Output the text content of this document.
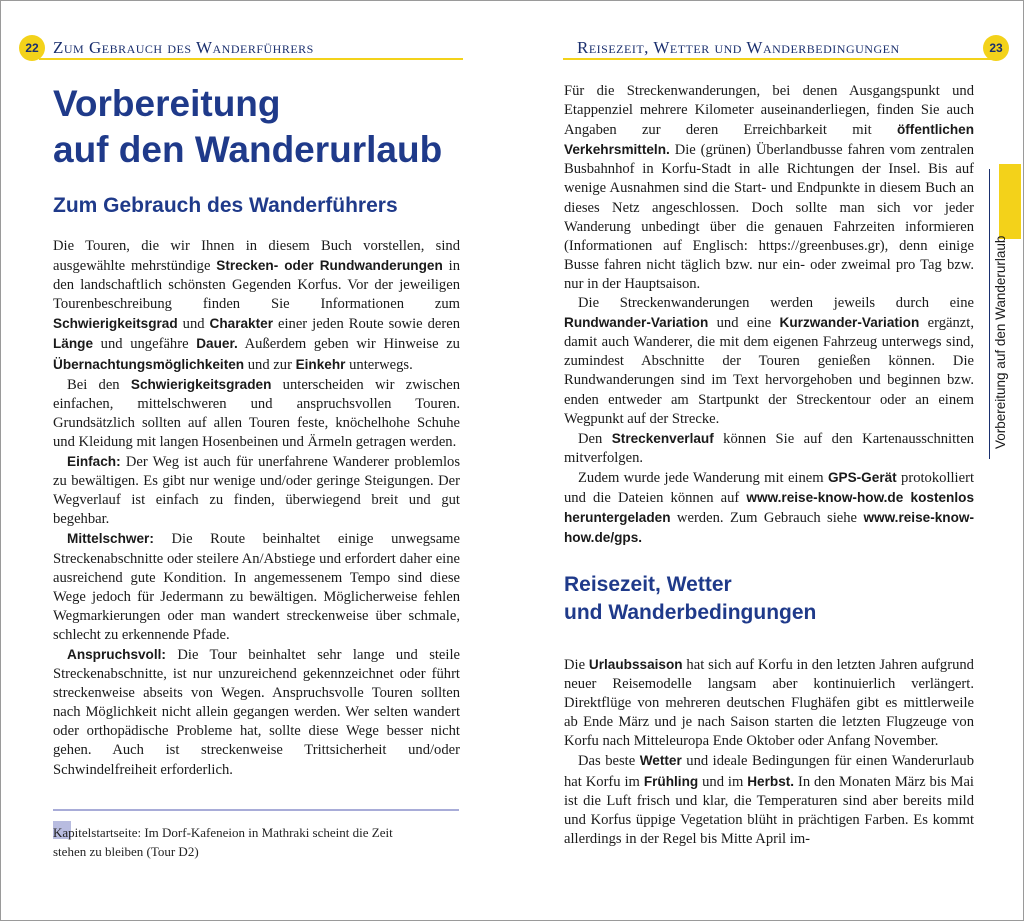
22 Zum Gebrauch des Wanderführers
Vorbereitung
auf den Wanderurlaub
Zum Gebrauch des Wanderführers

Die Touren, die wir Ihnen in diesem Buch vorstellen, sind ausgewählte mehrstündige Strecken- oder Rundwanderungen in den landschaftlich schönsten Gegenden Korfus. Vor der jeweiligen Tourenbeschreibung finden Sie Informationen zum Schwierigkeitsgrad und Charakter einer jeden Route sowie deren Länge und ungefähre Dauer. Außerdem geben wir Hinweise zu Übernachtungsmöglichkeiten und zur Einkehr unterwegs.

Bei den Schwierigkeitsgraden unterscheiden wir zwischen einfachen, mittelschweren und anspruchsvollen Touren. Grundsätzlich sollten auf allen Touren feste, knöchelhohe Schuhe und Kleidung mit langen Hosenbeinen und Ärmeln getragen werden.

Einfach: Der Weg ist auch für unerfahrene Wanderer problemlos zu bewältigen. Es gibt nur wenige und/oder geringe Steigungen. Der Wegverlauf ist einfach zu finden, überwiegend breit und gut begehbar.

Mittelschwer: Die Route beinhaltet einige unwegsame Streckenabschnitte oder steilere An/Abstiege und erfordert daher eine ausreichend gute Kondition. In angemessenem Tempo sind diese Wege jedoch für Jedermann zu bewältigen. Möglicherweise fehlen Wegmarkierungen oder man wandert streckenweise über schmale, schlecht zu erkennende Pfade.

Anspruchsvoll: Die Tour beinhaltet sehr lange und steile Streckenabschnitte, ist nur unzureichend gekennzeichnet oder führt streckenweise abseits von Wegen. Anspruchsvolle Touren sollten nach Möglichkeit nicht allein gegangen werden. Wer selten wandert oder orthopädische Probleme hat, sollte diese Wege besser nicht gehen. Auch ist streckenweise Trittsicherheit und/oder Schwindelfreiheit erforderlich.

Kapitelstartseite: Im Dorf-Kafeneion in Mathraki scheint die Zeit
stehen zu bleiben (Tour D2)
Reisezeit, Wetter und Wanderbedingungen	23

Für die Streckenwanderungen, bei denen Ausgangspunkt und Etappenziel mehrere Kilometer auseinanderliegen, finden Sie auch Angaben zur deren Erreichbarkeit mit öffentlichen Verkehrsmitteln. Die (grünen) Überlandbusse fahren vom zentralen Busbahnhof in Korfu-Stadt in alle Richtungen der Insel. Bis auf wenige Ausnahmen sind die Start- und Endpunkte in diesem Buch an dieses Netz angeschlossen. Doch sollte man sich vor jeder Wanderung unbedingt über die genauen Fahrzeiten informieren (Informationen auf Englisch: https://greenbuses.gr), denn einige Busse fahren nicht täglich bzw. nur ein- oder zweimal pro Tag bzw. nur in der Hauptsaison.

Die Streckenwanderungen werden jeweils durch eine Rundwander-Variation und eine Kurzwander-Variation ergänzt, damit auch Wanderer, die mit dem eigenen Fahrzeug unterwegs sind, zumindest Abschnitte der Touren genießen können. Die Rundwanderungen sind im Text hervorgehoben und beginnen bzw. enden entweder am Startpunkt der Streckentour oder an einem Wegpunkt auf der Strecke.

Den Streckenverlauf können Sie auf den Kartenausschnitten mitverfolgen.

Zudem wurde jede Wanderung mit einem GPS-Gerät protokolliert und die Dateien können auf www.reise-know-how.de kostenlos heruntergeladen werden. Zum Gebrauch siehe www.reise-know-how.de/gps.

Reisezeit, Wetter
und Wanderbedingungen

Die Urlaubssaison hat sich auf Korfu in den letzten Jahren aufgrund neuer Reisemodelle langsam aber kontinuierlich verlängert. Direktflüge von mehreren deutschen Flughäfen gibt es mittlerweile ab Ende März und je nach Saison starten die letzten Flugzeuge von Korfu nach Mitteleuropa Ende Oktober oder Anfang November.

Das beste Wetter und ideale Bedingungen für einen Wanderurlaub hat Korfu im Frühling und im Herbst. In den Monaten März bis Mai ist die Luft frisch und klar, die Temperaturen sind aber bereits mild und Korfus üppige Vegetation blüht in prächtigen Farben. Es kommt allerdings in der Regel bis Mitte April im-

Vorbereitung auf den Wanderurlaub
